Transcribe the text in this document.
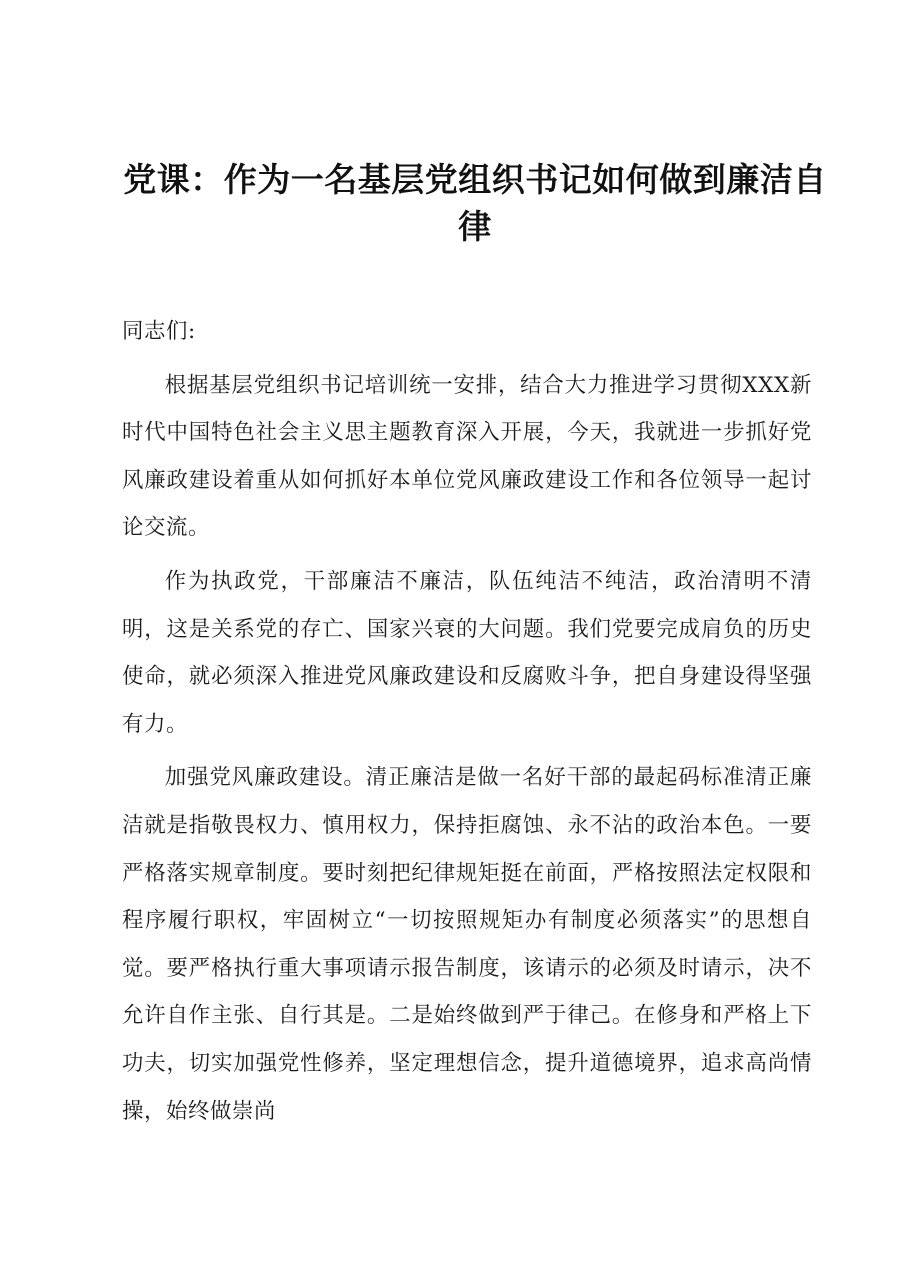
党课：作为一名基层党组织书记如何做到廉洁自律

同志们:

根据基层党组织书记培训统一安排，结合大力推进学习贯彻XXX新时代中国特色社会主义思主题教育深入开展，今天，我就进一步抓好党风廉政建设着重从如何抓好本单位党风廉政建设工作和各位领导一起讨论交流。

作为执政党，干部廉洁不廉洁，队伍纯洁不纯洁，政治清明不清明，这是关系党的存亡、国家兴衰的大问题。我们党要完成肩负的历史使命，就必须深入推进党风廉政建设和反腐败斗争，把自身建设得坚强有力。

加强党风廉政建设。清正廉洁是做一名好干部的最起码标准清正廉洁就是指敬畏权力、慎用权力，保持拒腐蚀、永不沾的政治本色。一要严格落实规章制度。要时刻把纪律规矩挺在前面，严格按照法定权限和程序履行职权，牢固树立“一切按照规矩办有制度必须落实”的思想自觉。要严格执行重大事项请示报告制度，该请示的必须及时请示，决不允许自作主张、自行其是。二是始终做到严于律己。在修身和严格上下功夫，切实加强党性修养，坚定理想信念，提升道德境界，追求高尚情操，始终做崇尚
